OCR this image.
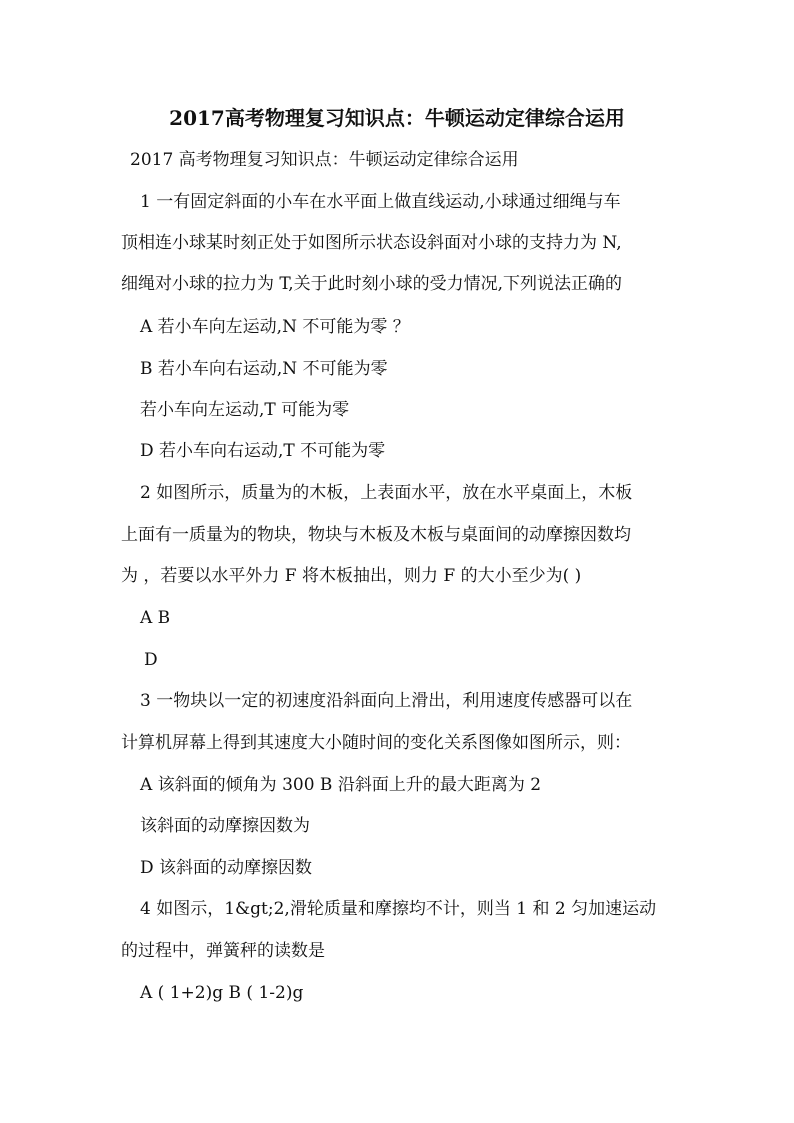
2017高考物理复习知识点：牛顿运动定律综合运用
2017 高考物理复习知识点：牛顿运动定律综合运用
1 一有固定斜面的小车在水平面上做直线运动,小球通过细绳与车
顶相连小球某时刻正处于如图所示状态设斜面对小球的支持力为 N,
细绳对小球的拉力为 T,关于此时刻小球的受力情况,下列说法正确的
A 若小车向左运动,N 不可能为零 ？
B 若小车向右运动,N 不可能为零
若小车向左运动,T 可能为零
D 若小车向右运动,T 不可能为零
2 如图所示，质量为的木板，上表面水平，放在水平桌面上，木板
上面有一质量为的物块，物块与木板及木板与桌面间的动摩擦因数均
为 ，若要以水平外力 F 将木板抽出，则力 F 的大小至少为( )
A B
D
3 一物块以一定的初速度沿斜面向上滑出，利用速度传感器可以在
计算机屏幕上得到其速度大小随时间的变化关系图像如图所示，则：
A 该斜面的倾角为 300 B 沿斜面上升的最大距离为 2
该斜面的动摩擦因数为
D 该斜面的动摩擦因数
4 如图示，1&gt;2,滑轮质量和摩擦均不计，则当 1 和 2 匀加速运动
的过程中，弹簧秤的读数是
A ( 1+2)g B ( 1-2)g
